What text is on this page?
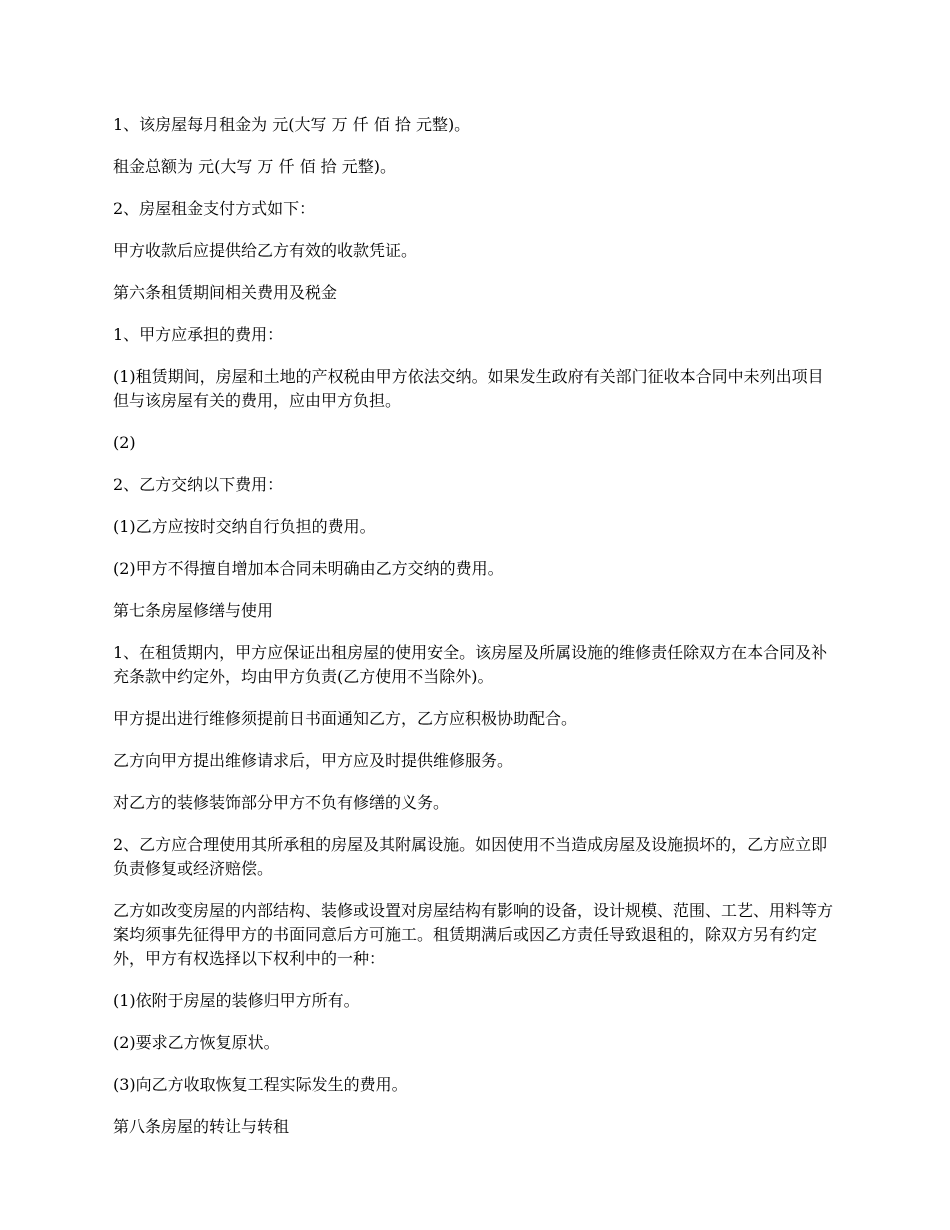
1、该房屋每月租金为 元(大写 万 仟 佰 拾 元整)。

租金总额为 元(大写 万 仟 佰 拾 元整)。

2、房屋租金支付方式如下：

甲方收款后应提供给乙方有效的收款凭证。

第六条租赁期间相关费用及税金

1、甲方应承担的费用：

(1)租赁期间，房屋和土地的产权税由甲方依法交纳。如果发生政府有关部门征收本合同中未列出项目但与该房屋有关的费用，应由甲方负担。

(2)

2、乙方交纳以下费用：

(1)乙方应按时交纳自行负担的费用。

(2)甲方不得擅自增加本合同未明确由乙方交纳的费用。

第七条房屋修缮与使用

1、在租赁期内，甲方应保证出租房屋的使用安全。该房屋及所属设施的维修责任除双方在本合同及补充条款中约定外，均由甲方负责(乙方使用不当除外)。

甲方提出进行维修须提前日书面通知乙方，乙方应积极协助配合。

乙方向甲方提出维修请求后，甲方应及时提供维修服务。

对乙方的装修装饰部分甲方不负有修缮的义务。

2、乙方应合理使用其所承租的房屋及其附属设施。如因使用不当造成房屋及设施损坏的，乙方应立即负责修复或经济赔偿。

乙方如改变房屋的内部结构、装修或设置对房屋结构有影响的设备，设计规模、范围、工艺、用料等方案均须事先征得甲方的书面同意后方可施工。租赁期满后或因乙方责任导致退租的，除双方另有约定外，甲方有权选择以下权利中的一种：

(1)依附于房屋的装修归甲方所有。

(2)要求乙方恢复原状。

(3)向乙方收取恢复工程实际发生的费用。

第八条房屋的转让与转租
